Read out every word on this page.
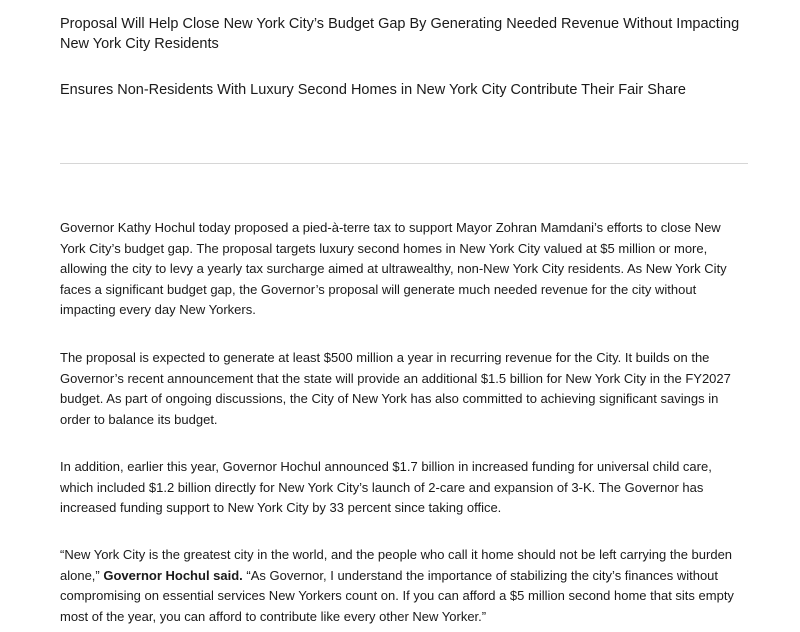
Proposal Will Help Close New York City’s Budget Gap By Generating Needed Revenue Without Impacting New York City Residents
Ensures Non-Residents With Luxury Second Homes in New York City Contribute Their Fair Share

Governor Kathy Hochul today proposed a pied-à-terre tax to support Mayor Zohran Mamdani’s efforts to close New York City’s budget gap. The proposal targets luxury second homes in New York City valued at $5 million or more, allowing the city to levy a yearly tax surcharge aimed at ultrawealthy, non-New York City residents. As New York City faces a significant budget gap, the Governor’s proposal will generate much needed revenue for the city without impacting every day New Yorkers.

The proposal is expected to generate at least $500 million a year in recurring revenue for the City. It builds on the Governor’s recent announcement that the state will provide an additional $1.5 billion for New York City in the FY2027 budget. As part of ongoing discussions, the City of New York has also committed to achieving significant savings in order to balance its budget.

In addition, earlier this year, Governor Hochul announced $1.7 billion in increased funding for universal child care, which included $1.2 billion directly for New York City’s launch of 2-care and expansion of 3-K. The Governor has increased funding support to New York City by 33 percent since taking office.

“New York City is the greatest city in the world, and the people who call it home should not be left carrying the burden alone,” Governor Hochul said. “As Governor, I understand the importance of stabilizing the city’s finances without compromising on essential services New Yorkers count on. If you can afford a $5 million second home that sits empty most of the year, you can afford to contribute like every other New Yorker.”
